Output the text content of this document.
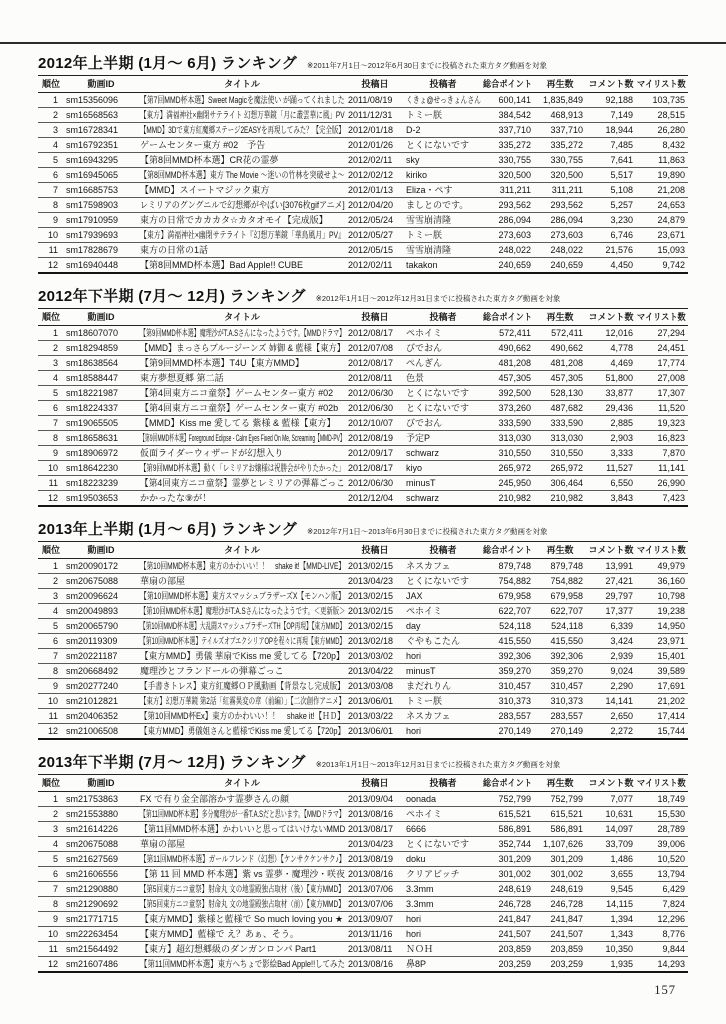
2012年上半期 (1月～ 6月) ランキング ※2011年7月1日～2012年6月30日までに投稿された東方タグ動画を対象
順位	動画ID	タイトル	投稿日	投稿者	総合ポイント	再生数	コメント数	マイリスト数
1	sm15356096	【第7回MMD杯本選】Sweet Magicを魔法使い が踊ってくれました	2011/08/19	くきょ@せっきょんさん	600,141	1,835,849	92,188	103,735
2	sm16568563	【東方】満福神社×幽閉サテライト 幻想万華鏡「月に叢雲華に風」PV	2011/12/31	トミー朕	384,542	468,913	7,149	28,515
3	sm16728341	【MMD】3Dで東方紅魔郷ステージ2EASYを再現してみた？【完全版】	2012/01/18	D-2	337,710	337,710	18,944	26,280
4	sm16792351	ゲームセンター東方 #02　予告	2012/01/26	とくにないです	335,272	335,272	7,485	8,432
5	sm16943295	【第8回MMD杯本選】CR花の霊夢	2012/02/11	sky	330,755	330,755	7,641	11,863
6	sm16945065	【第8回MMD杯本選】東方 The Movie ～迷いの竹林を突破せよ～	2012/02/12	kiriko	320,500	320,500	5,517	19,890
7	sm16685753	【MMD】スイートマジック東方	2012/01/13	Eliza・ぺす	311,211	311,211	5,108	21,208
8	sm17598903	レミリアのグングニルで幻想郷がやばい[3076枚gifアニメ]	2012/04/20	ましとのです。	293,562	293,562	5,257	24,653
9	sm17910959	東方の日常でカカカタ☆カタオモイ【完成版】	2012/05/24	雪雪崩清隆	286,094	286,094	3,230	24,879
10	sm17939693	【東方】満福神社×幽閉サテライト『幻想万華鏡「華鳥風月」PV』	2012/05/27	トミー朕	273,603	273,603	6,746	23,671
11	sm17828679	東方の日常の1話	2012/05/15	雪雪崩清隆	248,022	248,022	21,576	15,093
12	sm16940448	【第8回MMD杯本選】Bad Apple!! CUBE	2012/02/11	takakon	240,659	240,659	4,450	9,742
2012年下半期 (7月～ 12月) ランキング ※2012年1月1日～2012年12月31日までに投稿された東方タグ動画を対象
順位	動画ID	タイトル	投稿日	投稿者	総合ポイント	再生数	コメント数	マイリスト数
1	sm18607070	【第9回MMD杯本選】魔理沙がT.A.Sさんになったようです。【MMDドラマ】	2012/08/17	ペホイミ	572,411	572,411	12,016	27,294
2	sm18294859	【MMD】まっさらブルージーンズ 姉御 & 藍様【東方】	2012/07/08	びでおん	490,662	490,662	4,778	24,451
3	sm18638564	【第9回MMD杯本選】T4U【東方MMD】	2012/08/17	ぺんぎん	481,208	481,208	4,469	17,774
4	sm18588447	東方夢想夏郷 第二話	2012/08/11	色景	457,305	457,305	51,800	27,008
5	sm18221987	【第4回東方ニコ童祭】ゲームセンター東方 #02	2012/06/30	とくにないです	392,500	528,130	33,877	17,307
6	sm18224337	【第4回東方ニコ童祭】ゲームセンター東方 #02b	2012/06/30	とくにないです	373,260	487,682	29,436	11,520
7	sm19065505	【MMD】Kiss me 愛してる 紫様 & 藍様【東方】	2012/10/07	びでおん	333,590	333,590	2,885	19,323
8	sm18658631	【第9回MMD杯本選】Foreground Eclipse - Calm Eyes Fixed On Me, Screaming【MMD-PV】	2012/08/19	予定P	313,030	313,030	2,903	16,823
9	sm18906972	仮面ライダーウィザードが幻想入り	2012/09/17	schwarz	310,550	310,550	3,333	7,870
10	sm18642230	【第9回MMD杯本選】動く「レミリアお嬢様は祝勝会がやりたかった」	2012/08/17	kiyo	265,972	265,972	11,527	11,141
11	sm18223239	【第4回東方ニコ童祭】霊夢とレミリアの弾幕ごっこ	2012/06/30	minusT	245,950	306,464	6,550	26,990
12	sm19503653	かかったな⑨が！	2012/12/04	schwarz	210,982	210,982	3,843	7,423
2013年上半期 (1月～ 6月) ランキング ※2012年7月1日～2013年6月30日までに投稿された東方タグ動画を対象
順位	動画ID	タイトル	投稿日	投稿者	総合ポイント	再生数	コメント数	マイリスト数
1	sm20090172	【第10回MMD杯本選】東方のかわいい！！　shake it!【MMD-LIVE】	2013/02/15	ネスカフェ	879,748	879,748	13,991	49,979
2	sm20675088	華扇の部屋	2013/04/23	とくにないです	754,882	754,882	27,421	36,160
3	sm20096624	【第10回MMD杯本選】東方スマッシュブラザーズX【モンハン版】	2013/02/15	JAX	679,958	679,958	29,797	10,798
4	sm20049893	【第10回MMD杯本選】魔理沙がT.A.Sさんになったようです。＜更新版＞	2013/02/15	ペホイミ	622,707	622,707	17,377	19,238
5	sm20065790	【第10回MMD杯本選】大乱闘スマッシュブラザーズTH【OP再現】【東方MMD】	2013/02/15	day	524,118	524,118	6,339	14,950
6	sm20119309	【第10回MMD杯本選】テイルズオブエクシリアOPを程々に再現【東方MMD】	2013/02/18	ぐやもこたん	415,550	415,550	3,424	23,971
7	sm20221187	【東方MMD】勇儀 華扇でKiss me 愛してる【720p】	2013/03/02	hori	392,306	392,306	2,939	15,401
8	sm20668492	魔理沙とフランドールの弾幕ごっこ	2013/04/22	minusT	359,270	359,270	9,024	39,589
9	sm20277240	【手書きトレス】東方紅魔郷ＯＰ風動画【背景なし完成版】	2013/03/08	まだれりん	310,457	310,457	2,290	17,691
10	sm21012821	【東方】幻想万華鏡 第2話「紅霧異変の章（前編）」【二次創作アニメ】	2013/06/01	トミー朕	310,373	310,373	14,141	21,202
11	sm20406352	【第10回MMD杯Ex】東方のかわいい！！　shake it!【ＨＤ】	2013/03/22	ネスカフェ	283,557	283,557	2,650	17,414
12	sm21006508	【東方MMD】勇儀姐さんと藍様でKiss me 愛してる【720p】	2013/06/01	hori	270,149	270,149	2,272	15,744
2013年下半期 (7月～ 12月) ランキング ※2013年1月1日～2013年12月31日までに投稿された東方タグ動画を対象
順位	動画ID	タイトル	投稿日	投稿者	総合ポイント	再生数	コメント数	マイリスト数
1	sm21753863	FX で有り金全部溶かす霊夢さんの顔	2013/09/04	oonada	752,799	752,799	7,077	18,749
2	sm21553880	【第11回MMD杯本選】多分魔理沙が一番T.A.Sだと思います。【MMDドラマ】	2013/08/16	ペホイミ	615,521	615,521	10,631	15,530
3	sm21614226	【第11回MMD杯本選】かわいいと思ってはいけないMMD	2013/08/17	6666	586,891	586,891	14,097	28,789
4	sm20675088	華扇の部屋	2013/04/23	とくにないです	352,744	1,107,626	33,709	39,006
5	sm21627569	【第11回MMD杯本選】ガールフレンド（幻想）【ケンサクケンサク♪】	2013/08/19	doku	301,209	301,209	1,486	10,520
6	sm21606556	【第 11 回 MMD 杯本選】紫 vs 霊夢・魔理沙・咲夜	2013/08/16	クリアビッチ	301,002	301,002	3,655	13,794
7	sm21290880	【第5回東方ニコ童祭】射命丸 文の地霊殿独占取材（後）【東方MMD】	2013/07/06	3.3mm	248,619	248,619	9,545	6,429
8	sm21290692	【第5回東方ニコ童祭】射命丸 文の地霊殿独占取材（前）【東方MMD】	2013/07/06	3.3mm	246,728	246,728	14,115	7,824
9	sm21771715	【東方MMD】紫様と藍様で So much loving you ★	2013/09/07	hori	241,847	241,847	1,394	12,296
10	sm22263454	【東方MMD】藍様で え？あぁ、そう。	2013/11/16	hori	241,507	241,507	1,343	8,776
11	sm21564492	【東方】超幻想郷級のダンガンロンパ Part1	2013/08/11	ＮＯＨ	203,859	203,859	10,350	9,844
12	sm21607486	【第11回MMD杯本選】東方へちょで影絵Bad Apple!!してみた	2013/08/16	鼻8P	203,259	203,259	1,935	14,293
157
